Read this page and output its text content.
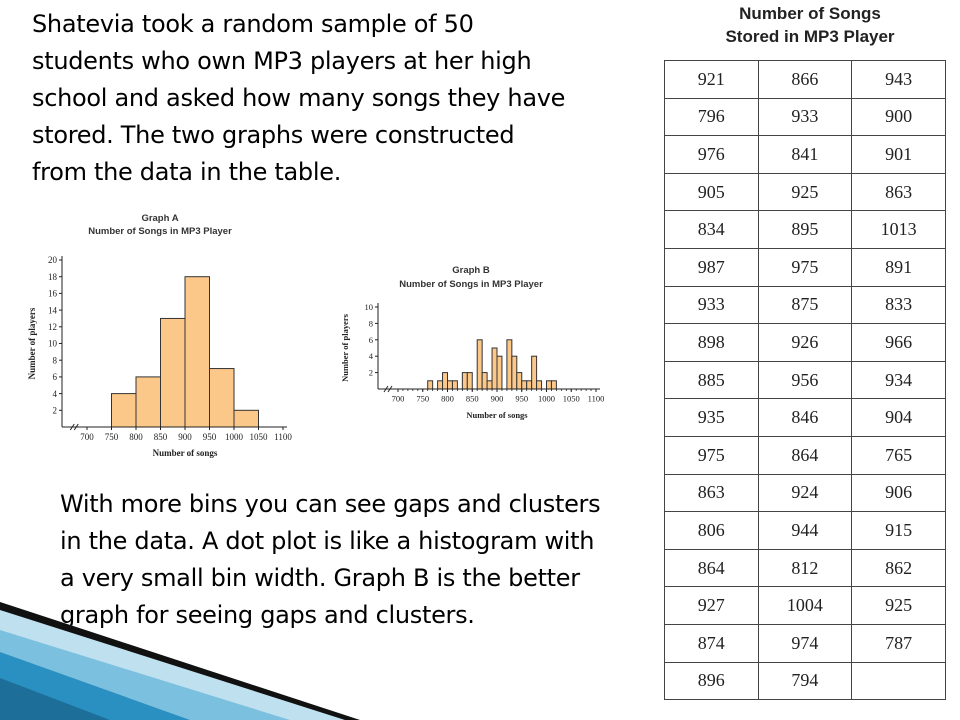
Shatevia took a random sample of 50
students who own MP3 players at her high
school and asked how many songs they have
stored. The two graphs were constructed
from the data in the table.
With more bins you can see gaps and clusters
in the data. A dot plot is like a histogram with
a very small bin width. Graph B is the better
graph for seeing gaps and clusters.
Number of Songs
Stored in MP3 Player
921	866	943
796	933	900
976	841	901
905	925	863
834	895	1013
987	975	891
933	875	833
898	926	966
885	956	934
935	846	904
975	864	765
863	924	906
806	944	915
864	812	862
927	1004	925
874	974	787
896	794	
Graph A
Number of Songs in MP3 Player
2
4
6
8
10
12
14
16
18
20
700 750 800 850 900 950 1000 1050 1100
Number of songs
Number of players
Graph B
Number of Songs in MP3 Player
2
4
6
8
10
700 750 800 850 900 950 1000 1050 1100
Number of songs
Number of players
